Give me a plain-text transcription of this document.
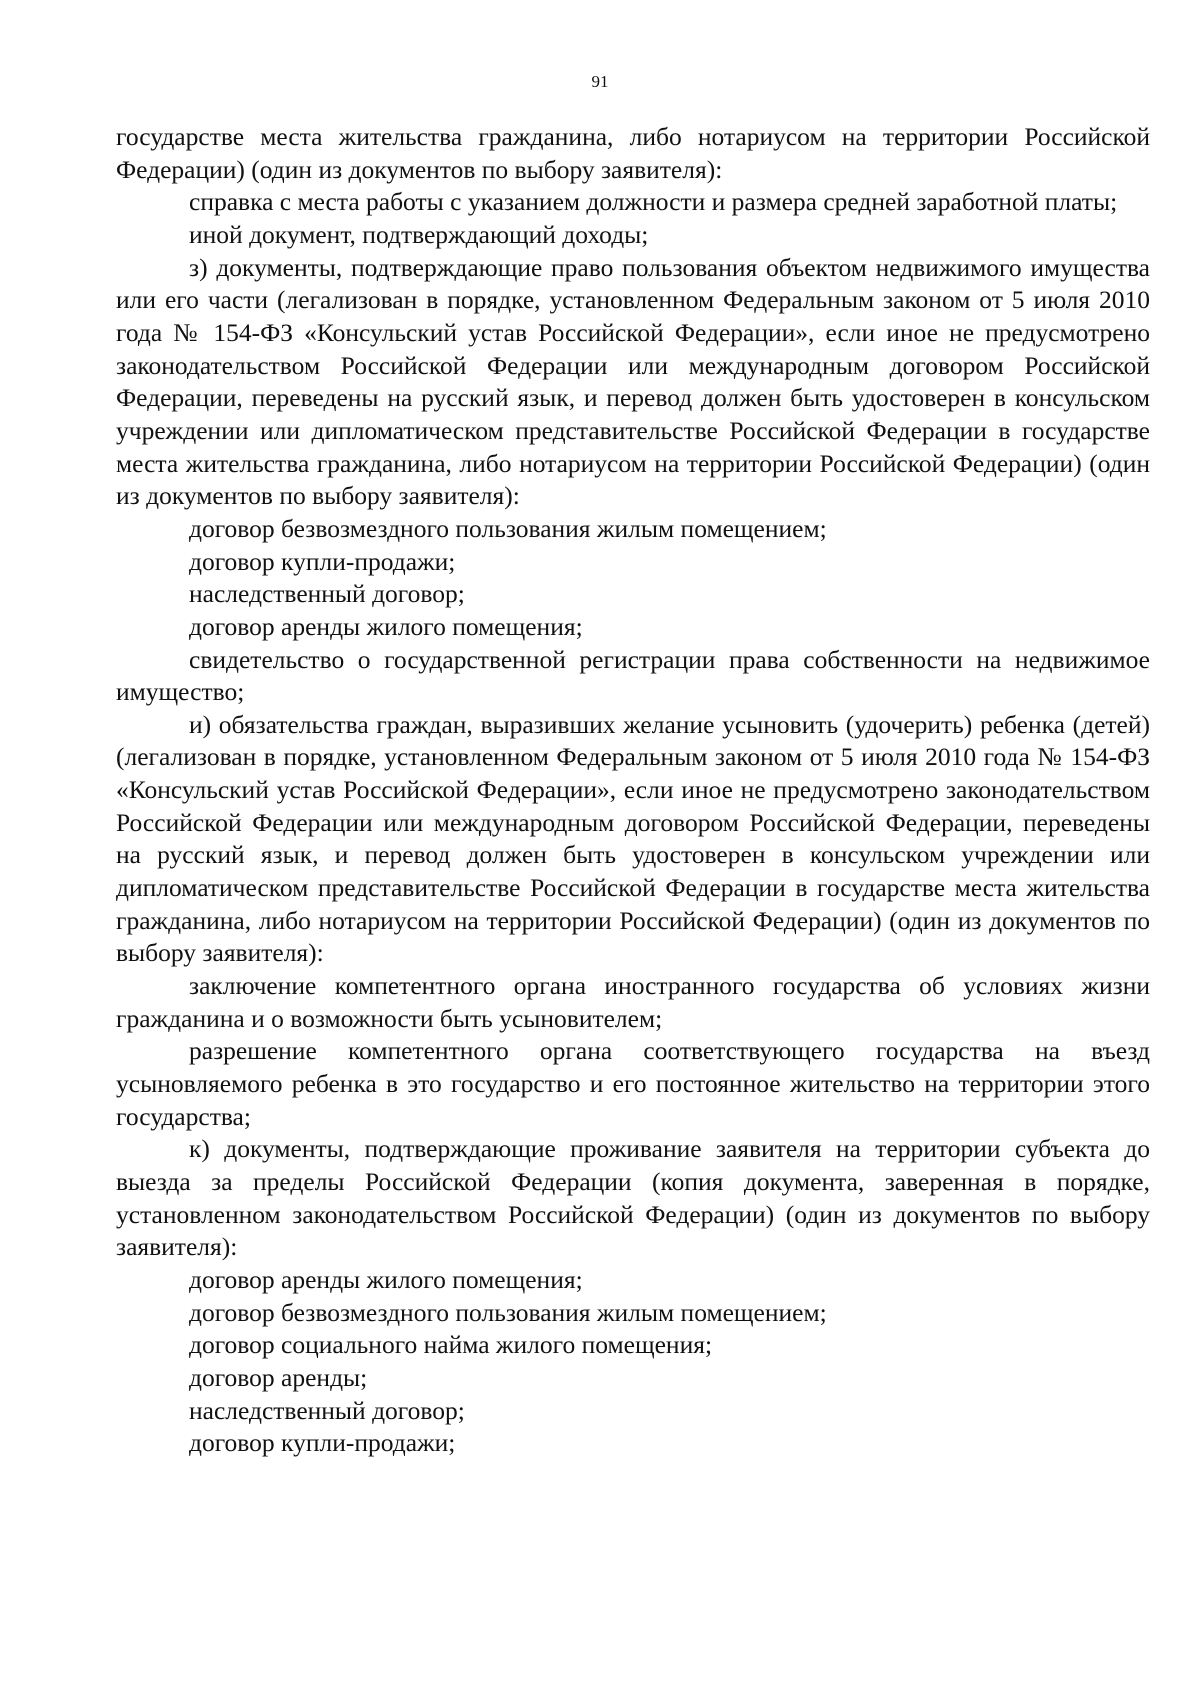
91

государстве места жительства гражданина, либо нотариусом на территории Российской Федерации) (один из документов по выбору заявителя):

справка с места работы с указанием должности и размера средней заработной платы;

иной документ, подтверждающий доходы;

з) документы, подтверждающие право пользования объектом недвижимого имущества или его части (легализован в порядке, установленном Федеральным законом от 5 июля 2010 года № 154-ФЗ «Консульский устав Российской Федерации», если иное не предусмотрено законодательством Российской Федерации или международным договором Российской Федерации, переведены на русский язык, и перевод должен быть удостоверен в консульском учреждении или дипломатическом представительстве Российской Федерации в государстве места жительства гражданина, либо нотариусом на территории Российской Федерации) (один из документов по выбору заявителя):

договор безвозмездного пользования жилым помещением;

договор купли-продажи;

наследственный договор;

договор аренды жилого помещения;

свидетельство о государственной регистрации права собственности на недвижимое имущество;

и) обязательства граждан, выразивших желание усыновить (удочерить) ребенка (детей) (легализован в порядке, установленном Федеральным законом от 5 июля 2010 года № 154-ФЗ «Консульский устав Российской Федерации», если иное не предусмотрено законодательством Российской Федерации или международным договором Российской Федерации, переведены на русский язык, и перевод должен быть удостоверен в консульском учреждении или дипломатическом представительстве Российской Федерации в государстве места жительства гражданина, либо нотариусом на территории Российской Федерации) (один из документов по выбору заявителя):

заключение компетентного органа иностранного государства об условиях жизни гражданина и о возможности быть усыновителем;

разрешение компетентного органа соответствующего государства на въезд усыновляемого ребенка в это государство и его постоянное жительство на территории этого государства;

к) документы, подтверждающие проживание заявителя на территории субъекта до выезда за пределы Российской Федерации (копия документа, заверенная в порядке, установленном законодательством Российской Федерации) (один из документов по выбору заявителя):

договор аренды жилого помещения;

договор безвозмездного пользования жилым помещением;

договор социального найма жилого помещения;

договор аренды;

наследственный договор;

договор купли-продажи;
